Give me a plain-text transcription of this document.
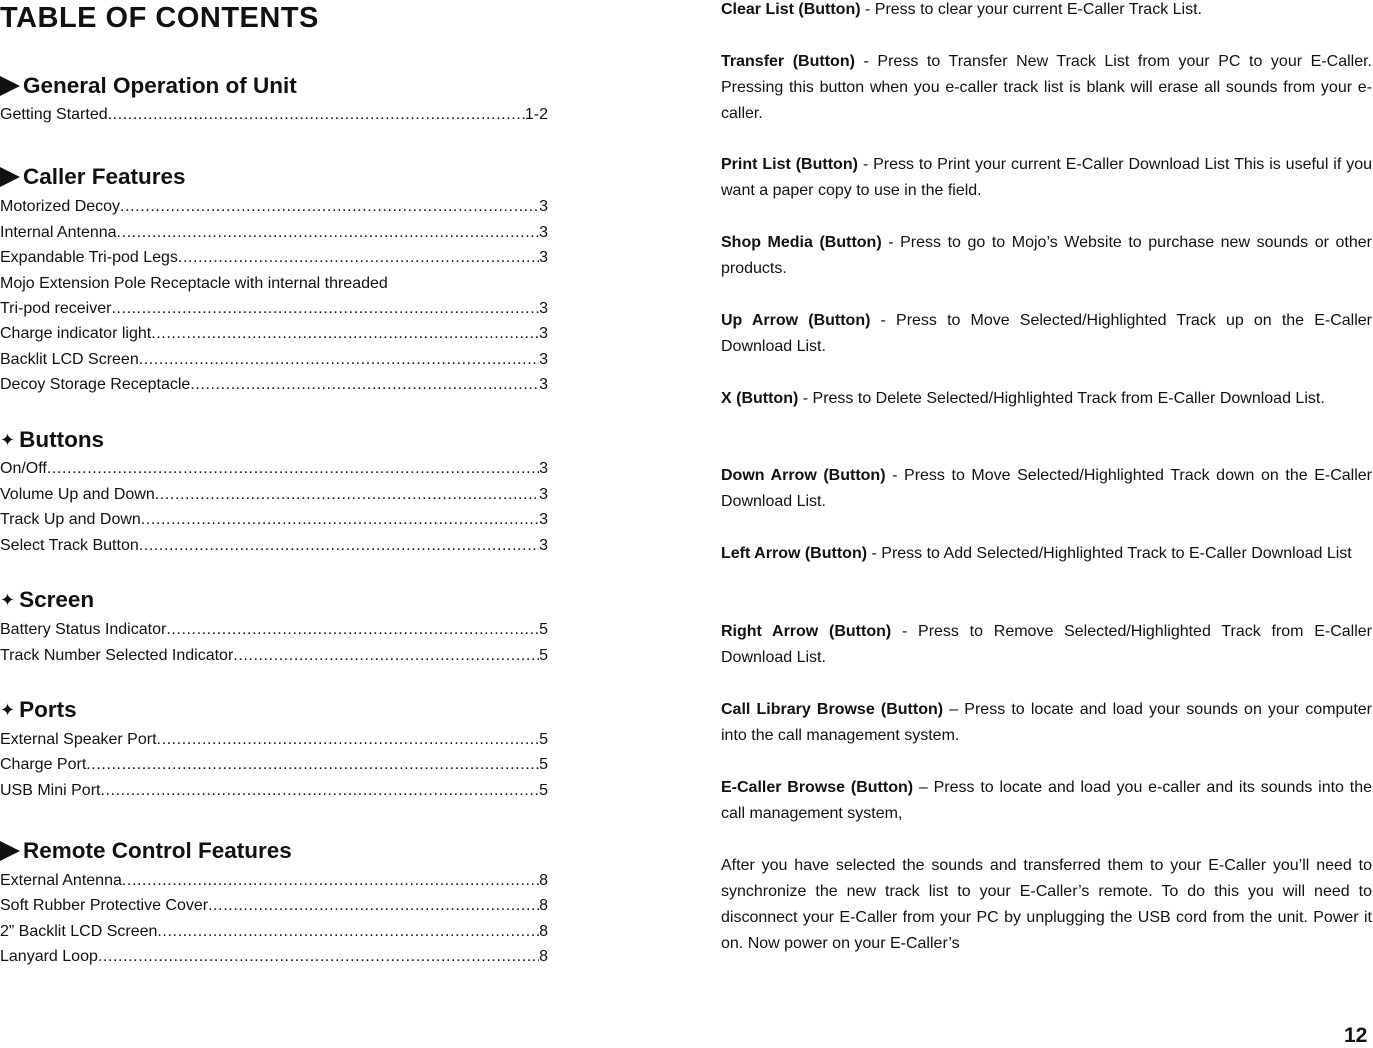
TABLE OF CONTENTS
General Operation of Unit
Getting Started .....	1-2
Caller Features
Motorized Decoy .....	3
Internal Antenna .....	3
Expandable Tri-pod Legs .....	3
Mojo Extension Pole Receptacle with internal threaded
Tri-pod receiver .....	3
Charge indicator light .....	3
Backlit LCD Screen .....	3
Decoy Storage Receptacle .....	3
✦ Buttons
On/Off .....	3
Volume Up and Down .....	3
Track Up and Down .....	3
Select Track Button .....	3
✦ Screen
Battery Status Indicator .....	5
Track Number Selected Indicator .....	5
✦ Ports
External Speaker Port .....	5
Charge Port .....	5
USB Mini Port .....	5
Remote Control Features
External Antenna .....	8
Soft Rubber Protective Cover .....	8
2” Backlit LCD Screen .....	8
Lanyard Loop .....	8

Clear List (Button) - Press to clear your current E-Caller Track List.

Transfer (Button) - Press to Transfer New Track List from your PC to your E-Caller. Pressing this button when you e-caller track list is blank will erase all sounds from your e-caller.

Print List (Button) - Press to Print your current E-Caller Download List This is useful if you want a paper copy to use in the field.

Shop Media (Button) - Press to go to Mojo’s Website to purchase new sounds or other products.

Up Arrow (Button) - Press to Move Selected/Highlighted Track up on the E-Caller Download List.

X (Button) - Press to Delete Selected/Highlighted Track from E-Caller Download List.

Down Arrow (Button) - Press to Move Selected/Highlighted Track down on the E-Caller Download List.

Left Arrow (Button) - Press to Add Selected/Highlighted Track to E-Caller Download List

Right Arrow (Button) - Press to Remove Selected/Highlighted Track from E-Caller Download List.

Call Library Browse (Button) – Press to locate and load your sounds on your computer into the call management system.

E-Caller Browse (Button) – Press to locate and load you e-caller and its sounds into the call management system,

After you have selected the sounds and transferred them to your E-Caller you’ll need to synchronize the new track list to your E-Caller’s remote. To do this you will need to disconnect your E-Caller from your PC by unplugging the USB cord from the unit. Power it on. Now power on your E-Caller’s

12
